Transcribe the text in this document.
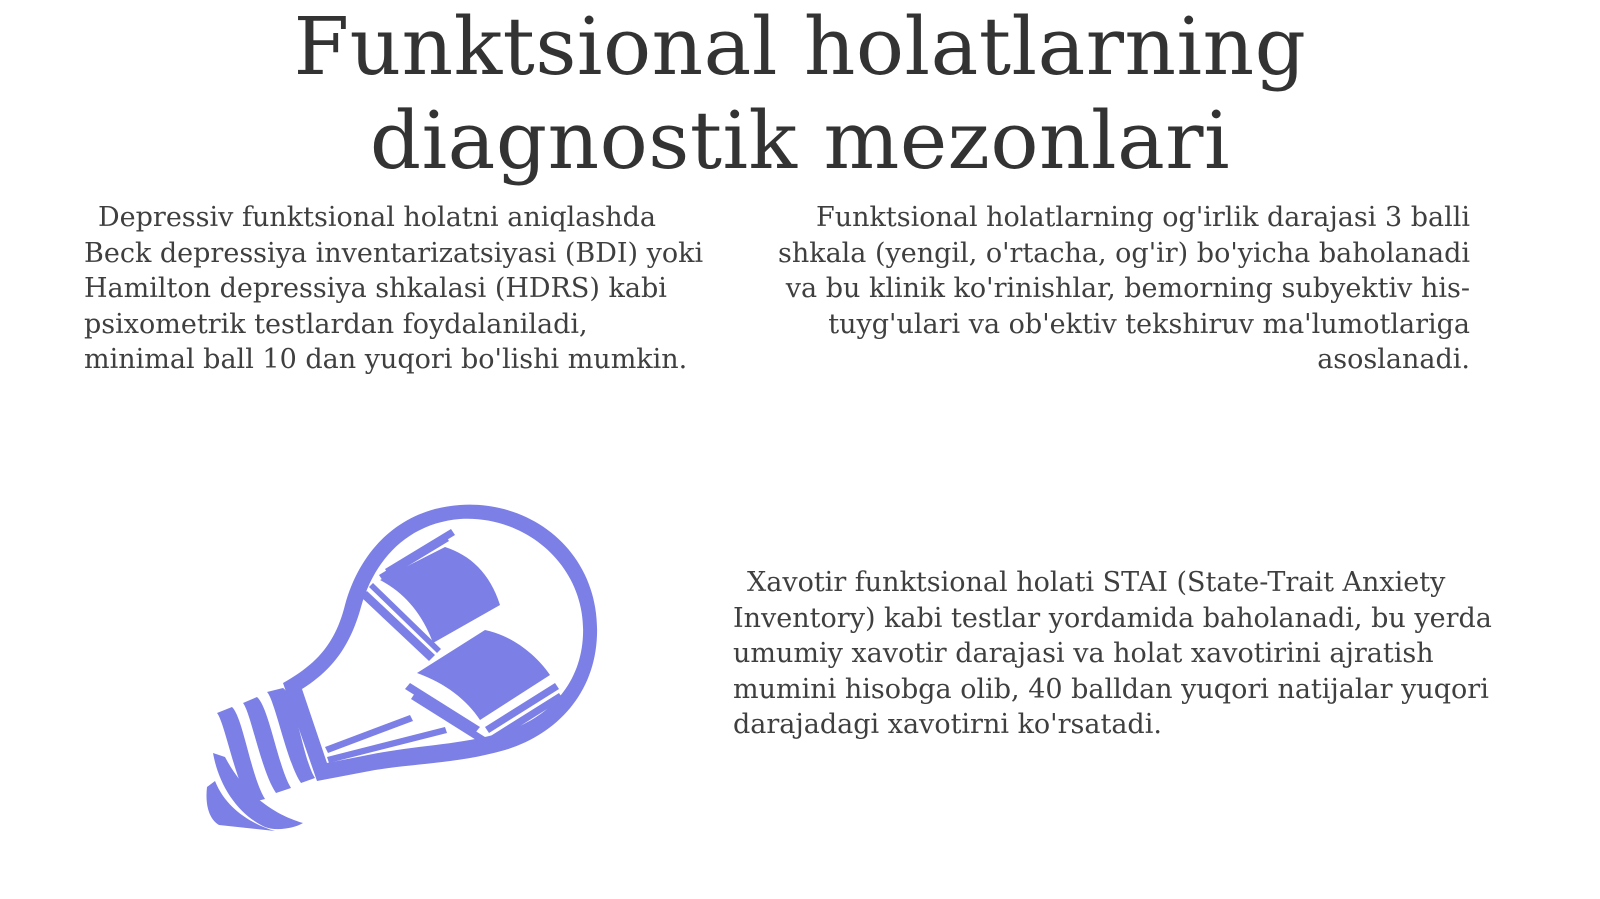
Funktsional holatlarning
diagnostik mezonlari

Depressiv funktsional holatni aniqlashda Beck depressiya inventarizatsiyasi (BDI) yoki Hamilton depressiya shkalasi (HDRS) kabi psixometrik testlardan foydalaniladi, minimal ball 10 dan yuqori bo'lishi mumkin.

Funktsional holatlarning og'irlik darajasi 3 balli shkala (yengil, o'rtacha, og'ir) bo'yicha baholanadi va bu klinik ko'rinishlar, bemorning subyektiv his-tuyg'ulari va ob'ektiv tekshiruv ma'lumotlariga asoslanadi.

Xavotir funktsional holati STAI (State-Trait Anxiety Inventory) kabi testlar yordamida baholanadi, bu yerda umumiy xavotir darajasi va holat xavotirini ajratish mumini hisobga olib, 40 balldan yuqori natijalar yuqori darajadagi xavotirni ko'rsatadi.
